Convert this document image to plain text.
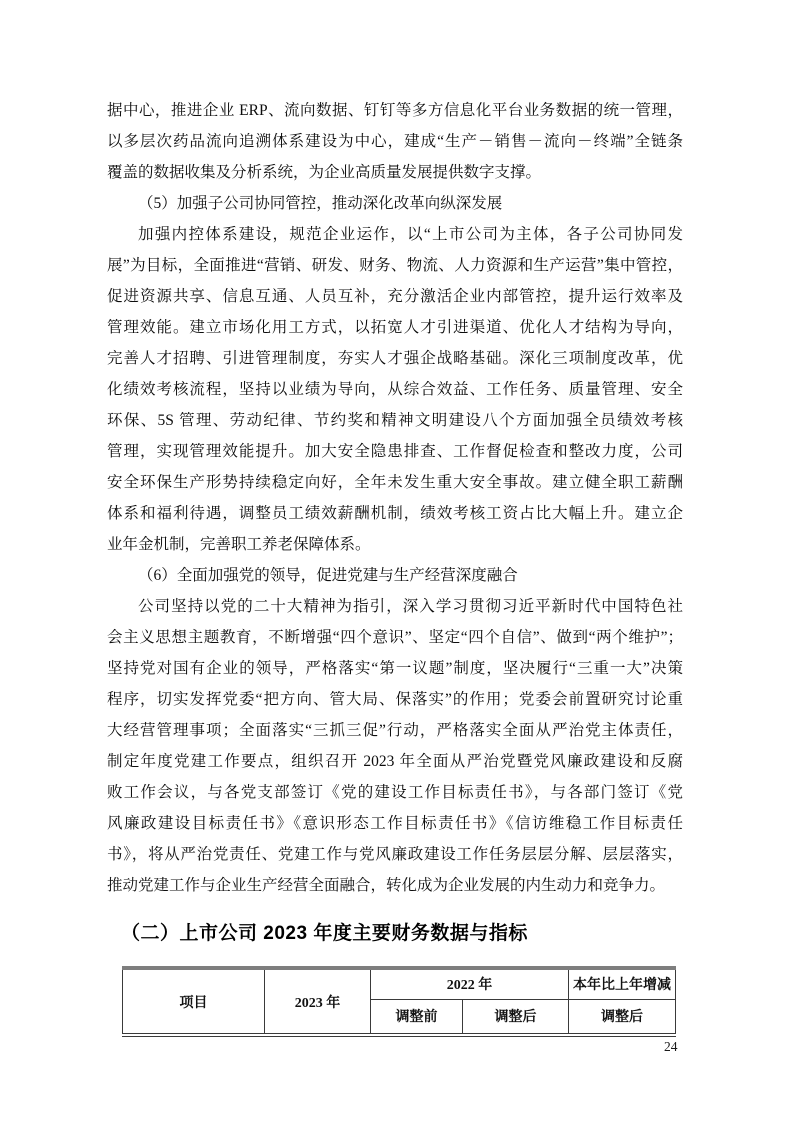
据中心，推进企业 ERP、流向数据、钉钉等多方信息化平台业务数据的统一管理，
以多层次药品流向追溯体系建设为中心，建成“生产－销售－流向－终端”全链条
覆盖的数据收集及分析系统，为企业高质量发展提供数字支撑。
（5）加强子公司协同管控，推动深化改革向纵深发展
加强内控体系建设，规范企业运作，以“上市公司为主体，各子公司协同发
展”为目标，全面推进“营销、研发、财务、物流、人力资源和生产运营”集中管控，
促进资源共享、信息互通、人员互补，充分激活企业内部管控，提升运行效率及
管理效能。建立市场化用工方式，以拓宽人才引进渠道、优化人才结构为导向，
完善人才招聘、引进管理制度，夯实人才强企战略基础。深化三项制度改革，优
化绩效考核流程，坚持以业绩为导向，从综合效益、工作任务、质量管理、安全
环保、5S 管理、劳动纪律、节约奖和精神文明建设八个方面加强全员绩效考核
管理，实现管理效能提升。加大安全隐患排查、工作督促检查和整改力度，公司
安全环保生产形势持续稳定向好，全年未发生重大安全事故。建立健全职工薪酬
体系和福利待遇，调整员工绩效薪酬机制，绩效考核工资占比大幅上升。建立企
业年金机制，完善职工养老保障体系。
（6）全面加强党的领导，促进党建与生产经营深度融合
公司坚持以党的二十大精神为指引，深入学习贯彻习近平新时代中国特色社
会主义思想主题教育，不断增强“四个意识”、坚定“四个自信”、做到“两个维护”；
坚持党对国有企业的领导，严格落实“第一议题”制度，坚决履行“三重一大”决策
程序，切实发挥党委“把方向、管大局、保落实”的作用；党委会前置研究讨论重
大经营管理事项；全面落实“三抓三促”行动，严格落实全面从严治党主体责任，
制定年度党建工作要点，组织召开 2023 年全面从严治党暨党风廉政建设和反腐
败工作会议，与各党支部签订《党的建设工作目标责任书》，与各部门签订《党
风廉政建设目标责任书》《意识形态工作目标责任书》《信访维稳工作目标责任
书》，将从严治党责任、党建工作与党风廉政建设工作任务层层分解、层层落实，
推动党建工作与企业生产经营全面融合，转化成为企业发展的内生动力和竞争力。
（二）上市公司 2023 年度主要财务数据与指标
项目	2023 年	2022 年		本年比上年增减
		调整前	调整后	调整后
24
